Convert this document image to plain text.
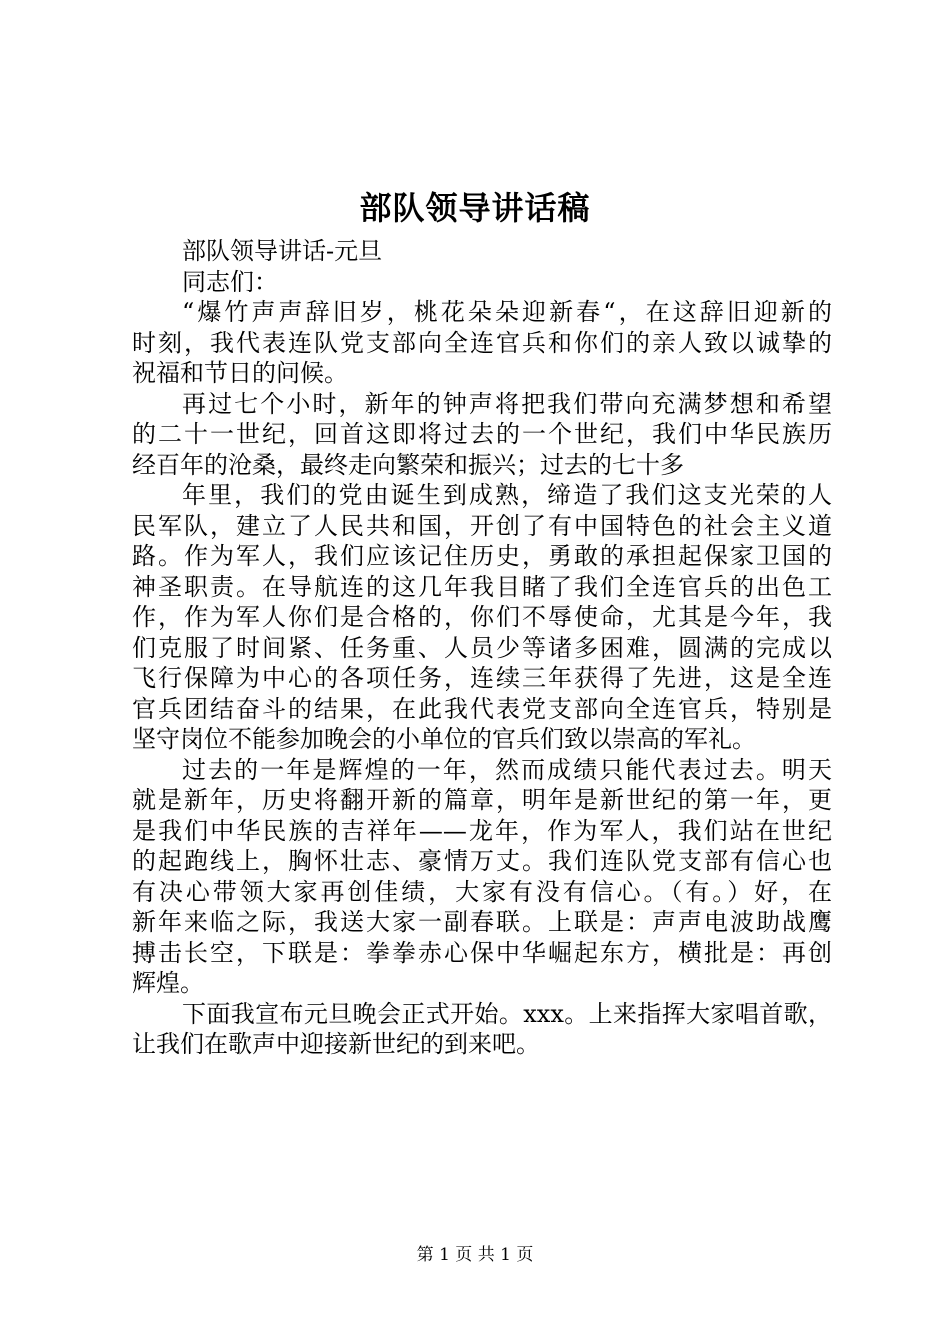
部队领导讲话稿
部队领导讲话-元旦
同志们：
“爆竹声声辞旧岁，桃花朵朵迎新春“，在这辞旧迎新的
时刻，我代表连队党支部向全连官兵和你们的亲人致以诚挚的
祝福和节日的问候。
再过七个小时，新年的钟声将把我们带向充满梦想和希望
的二十一世纪，回首这即将过去的一个世纪，我们中华民族历
经百年的沧桑，最终走向繁荣和振兴；过去的七十多
年里，我们的党由诞生到成熟，缔造了我们这支光荣的人
民军队，建立了人民共和国，开创了有中国特色的社会主义道
路。作为军人，我们应该记住历史，勇敢的承担起保家卫国的
神圣职责。在导航连的这几年我目睹了我们全连官兵的出色工
作，作为军人你们是合格的，你们不辱使命，尤其是今年，我
们克服了时间紧、任务重、人员少等诸多困难，圆满的完成以
飞行保障为中心的各项任务，连续三年获得了先进，这是全连
官兵团结奋斗的结果，在此我代表党支部向全连官兵，特别是
坚守岗位不能参加晚会的小单位的官兵们致以崇高的军礼。
过去的一年是辉煌的一年，然而成绩只能代表过去。明天
就是新年，历史将翻开新的篇章，明年是新世纪的第一年，更
是我们中华民族的吉祥年——龙年，作为军人，我们站在世纪
的起跑线上，胸怀壮志、豪情万丈。我们连队党支部有信心也
有决心带领大家再创佳绩，大家有没有信心。（有。）好，在
新年来临之际，我送大家一副春联。上联是：声声电波助战鹰
搏击长空，下联是：拳拳赤心保中华崛起东方，横批是：再创
辉煌。
下面我宣布元旦晚会正式开始。xxx。上来指挥大家唱首歌，
让我们在歌声中迎接新世纪的到来吧。
第 1 页 共 1 页
